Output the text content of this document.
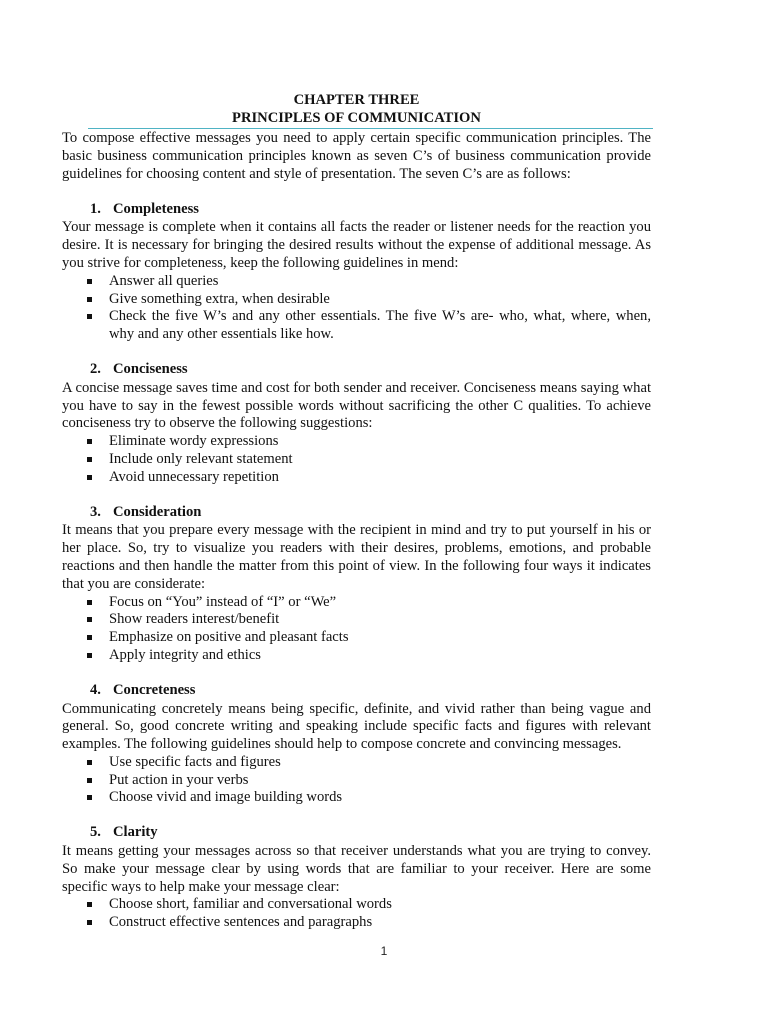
CHAPTER THREE
PRINCIPLES OF COMMUNICATION
To compose effective messages you need to apply certain specific communication principles. The basic business communication principles known as seven C’s of business communication provide guidelines for choosing content and style of presentation. The seven C’s are as follows:
1. Completeness
Your message is complete when it contains all facts the reader or listener needs for the reaction you desire. It is necessary for bringing the desired results without the expense of additional message. As you strive for completeness, keep the following guidelines in mend:
Answer all queries
Give something extra, when desirable
Check the five W’s and any other essentials. The five W’s are- who, what, where, when, why and any other essentials like how.
2. Conciseness
A concise message saves time and cost for both sender and receiver. Conciseness means saying what you have to say in the fewest possible words without sacrificing the other C qualities. To achieve conciseness try to observe the following suggestions:
Eliminate wordy expressions
Include only relevant statement
Avoid unnecessary repetition
3. Consideration
It means that you prepare every message with the recipient in mind and try to put yourself in his or her place. So, try to visualize you readers with their desires, problems, emotions, and probable reactions and then handle the matter from this point of view. In the following four ways it indicates that you are considerate:
Focus on “You” instead of “I” or “We”
Show readers interest/benefit
Emphasize on positive and pleasant facts
Apply integrity and ethics
4. Concreteness
Communicating concretely means being specific, definite, and vivid rather than being vague and general. So, good concrete writing and speaking include specific facts and figures with relevant examples. The following guidelines should help to compose concrete and convincing messages.
Use specific facts and figures
Put action in your verbs
Choose vivid and image building words
5. Clarity
It means getting your messages across so that receiver understands what you are trying to convey. So make your message clear by using words that are familiar to your receiver. Here are some specific ways to help make your message clear:
Choose short, familiar and conversational words
Construct effective sentences and paragraphs
1
